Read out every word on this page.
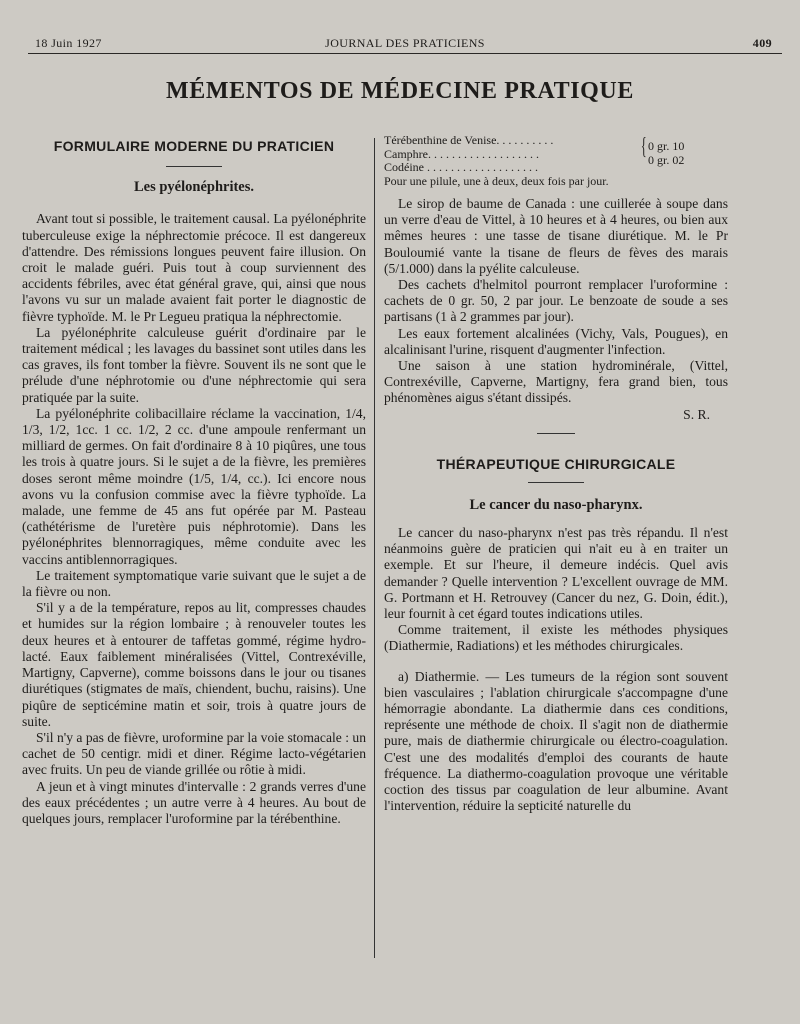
18 Juin 1927	JOURNAL DES PRATICIENS	409
MÉMENTOS DE MÉDECINE PRATIQUE
FORMULAIRE MODERNE DU PRATICIEN
Les pyélonéphrites.

Avant tout si possible, le traitement causal. La pyélonéphrite tuberculeuse exige la néphrectomie précoce. Il est dangereux d'attendre. Des rémissions longues peuvent faire illusion. On croit le malade guéri. Puis tout à coup surviennent des accidents fébriles, avec état général grave, qui, ainsi que nous l'avons vu sur un malade avaient fait porter le diagnostic de fièvre typhoïde. M. le Pr Legueu pratiqua la néphrectomie.

La pyélonéphrite calculeuse guérit d'ordinaire par le traitement médical ; les lavages du bassinet sont utiles dans les cas graves, ils font tomber la fièvre. Souvent ils ne sont que le prélude d'une néphrotomie ou d'une néphrectomie qui sera pratiquée par la suite.

La pyélonéphrite colibacillaire réclame la vaccination, 1/4, 1/3, 1/2, 1cc. 1 cc. 1/2, 2 cc. d'une ampoule renfermant un milliard de germes. On fait d'ordinaire 8 à 10 piqûres, une tous les trois à quatre jours. Si le sujet a de la fièvre, les premières doses seront même moindre (1/5, 1/4, cc.). Ici encore nous avons vu la confusion commise avec la fièvre typhoïde. La malade, une femme de 45 ans fut opérée par M. Pasteau (cathétérisme de l'uretère puis néphrotomie). Dans les pyélonéphrites blennorragiques, même conduite avec les vaccins antiblennorragiques.

Le traitement symptomatique varie suivant que le sujet a de la fièvre ou non.

S'il y a de la température, repos au lit, compresses chaudes et humides sur la région lombaire ; à renouveler toutes les deux heures et à entourer de taffetas gommé, régime hydro-lacté. Eaux faiblement minéralisées (Vittel, Contrexéville, Martigny, Capverne), comme boissons dans le jour ou tisanes diurétiques (stigmates de maïs, chiendent, buchu, raisins). Une piqûre de septicémine matin et soir, trois à quatre jours de suite.

S'il n'y a pas de fièvre, uroformine par la voie stomacale : un cachet de 50 centigr. midi et diner. Régime lacto-végétarien avec fruits. Un peu de viande grillée ou rôtie à midi.

A jeun et à vingt minutes d'intervalle : 2 grands verres d'une des eaux précédentes ; un autre verre à 4 heures. Au bout de quelques jours, remplacer l'uroformine par la térébenthine.

Térébenthine de Venise. . . . . . . . . .
Camphre. . . . . . . . . . . . . . . . . . .
Codéine . . . . . . . . . . . . . . . . . . .
{ 0 gr. 10
0 gr. 02
Pour une pilule, une à deux, deux fois par jour.

Le sirop de baume de Canada : une cuillerée à soupe dans un verre d'eau de Vittel, à 10 heures et à 4 heures, ou bien aux mêmes heures : une tasse de tisane diurétique. M. le Pr Bouloumié vante la tisane de fleurs de fèves des marais (5/1.000) dans la pyélite calculeuse.

Des cachets d'helmitol pourront remplacer l'uroformine : cachets de 0 gr. 50, 2 par jour. Le benzoate de soude a ses partisans (1 à 2 grammes par jour).

Les eaux fortement alcalinées (Vichy, Vals, Pougues), en alcalinisant l'urine, risquent d'augmenter l'infection.

Une saison à une station hydrominérale, (Vittel, Contrexéville, Capverne, Martigny, fera grand bien, tous phénomènes aigus s'étant dissipés.

S. R.
THÉRAPEUTIQUE CHIRURGICALE
Le cancer du naso-pharynx.

Le cancer du naso-pharynx n'est pas très répandu. Il n'est néanmoins guère de praticien qui n'ait eu à en traiter un exemple. Et sur l'heure, il demeure indécis. Quel avis demander ? Quelle intervention ? L'excellent ouvrage de MM. G. Portmann et H. Retrouvey (Cancer du nez, G. Doin, édit.), leur fournit à cet égard toutes indications utiles.

Comme traitement, il existe les méthodes physiques (Diathermie, Radiations) et les méthodes chirurgicales.

a) Diathermie. — Les tumeurs de la région sont souvent bien vasculaires ; l'ablation chirurgicale s'accompagne d'une hémorragie abondante. La diathermie dans ces conditions, représente une méthode de choix. Il s'agit non de diathermie pure, mais de diathermie chirurgicale ou électro-coagulation. C'est une des modalités d'emploi des courants de haute fréquence. La diathermo-coagulation provoque une véritable coction des tissus par coagulation de leur albumine. Avant l'intervention, réduire la septicité naturelle du
